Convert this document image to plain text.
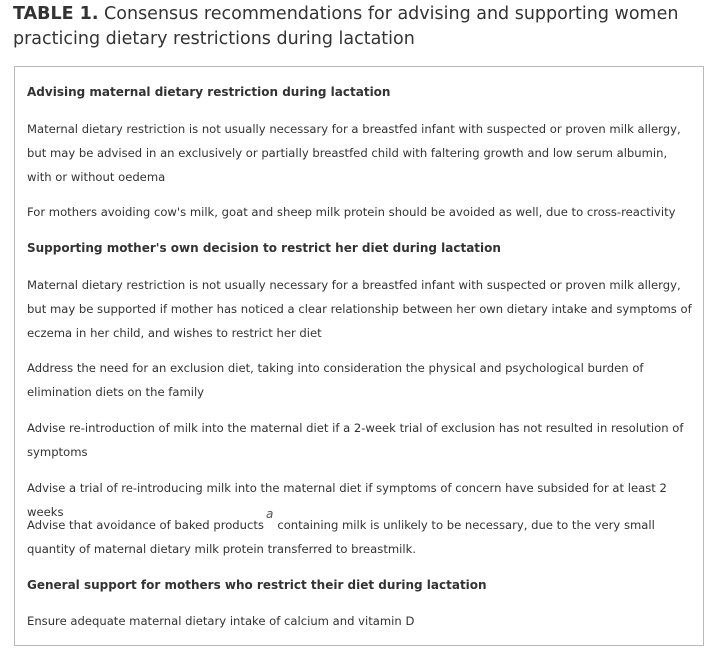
TABLE 1. Consensus recommendations for advising and supporting women practicing dietary restrictions during lactation
Advising maternal dietary restriction during lactation
Maternal dietary restriction is not usually necessary for a breastfed infant with suspected or proven milk allergy, but may be advised in an exclusively or partially breastfed child with faltering growth and low serum albumin, with or without oedema
For mothers avoiding cow's milk, goat and sheep milk protein should be avoided as well, due to cross-reactivity
Supporting mother's own decision to restrict her diet during lactation
Maternal dietary restriction is not usually necessary for a breastfed infant with suspected or proven milk allergy, but may be supported if mother has noticed a clear relationship between her own dietary intake and symptoms of eczema in her child, and wishes to restrict her diet
Address the need for an exclusion diet, taking into consideration the physical and psychological burden of elimination diets on the family
Advise re-introduction of milk into the maternal diet if a 2-week trial of exclusion has not resulted in resolution of symptoms
Advise a trial of re-introducing milk into the maternal diet if symptoms of concern have subsided for at least 2 weeks
Advise that avoidance of baked productsacontaining milk is unlikely to be necessary, due to the very small quantity of maternal dietary milk protein transferred to breastmilk.
General support for mothers who restrict their diet during lactation
Ensure adequate maternal dietary intake of calcium and vitamin D
